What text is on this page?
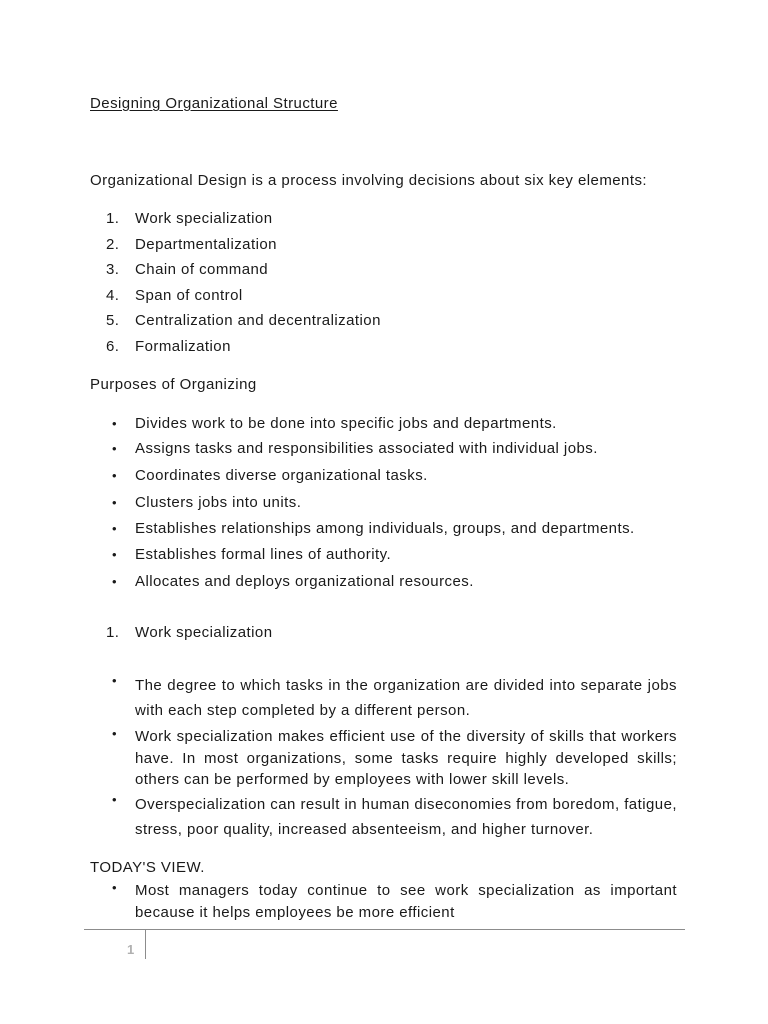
Designing Organizational Structure
Organizational Design is a process involving decisions about six key elements:
1. Work specialization
2. Departmentalization
3. Chain of command
4. Span of control
5. Centralization and decentralization
6. Formalization
Purposes of Organizing
• Divides work to be done into specific jobs and departments.
• Assigns tasks and responsibilities associated with individual jobs.
• Coordinates diverse organizational tasks.
• Clusters jobs into units.
• Establishes relationships among individuals, groups, and departments.
• Establishes formal lines of authority.
• Allocates and deploys organizational resources.
1. Work specialization
• The degree to which tasks in the organization are divided into separate jobs with each step completed by a different person.
• Work specialization makes efficient use of the diversity of skills that workers have. In most organizations, some tasks require highly developed skills; others can be performed by employees with lower skill levels.
• Overspecialization can result in human diseconomies from boredom, fatigue, stress, poor quality, increased absenteeism, and higher turnover.
TODAY'S VIEW.
• Most managers today continue to see work specialization as important because it helps employees be more efficient
1
